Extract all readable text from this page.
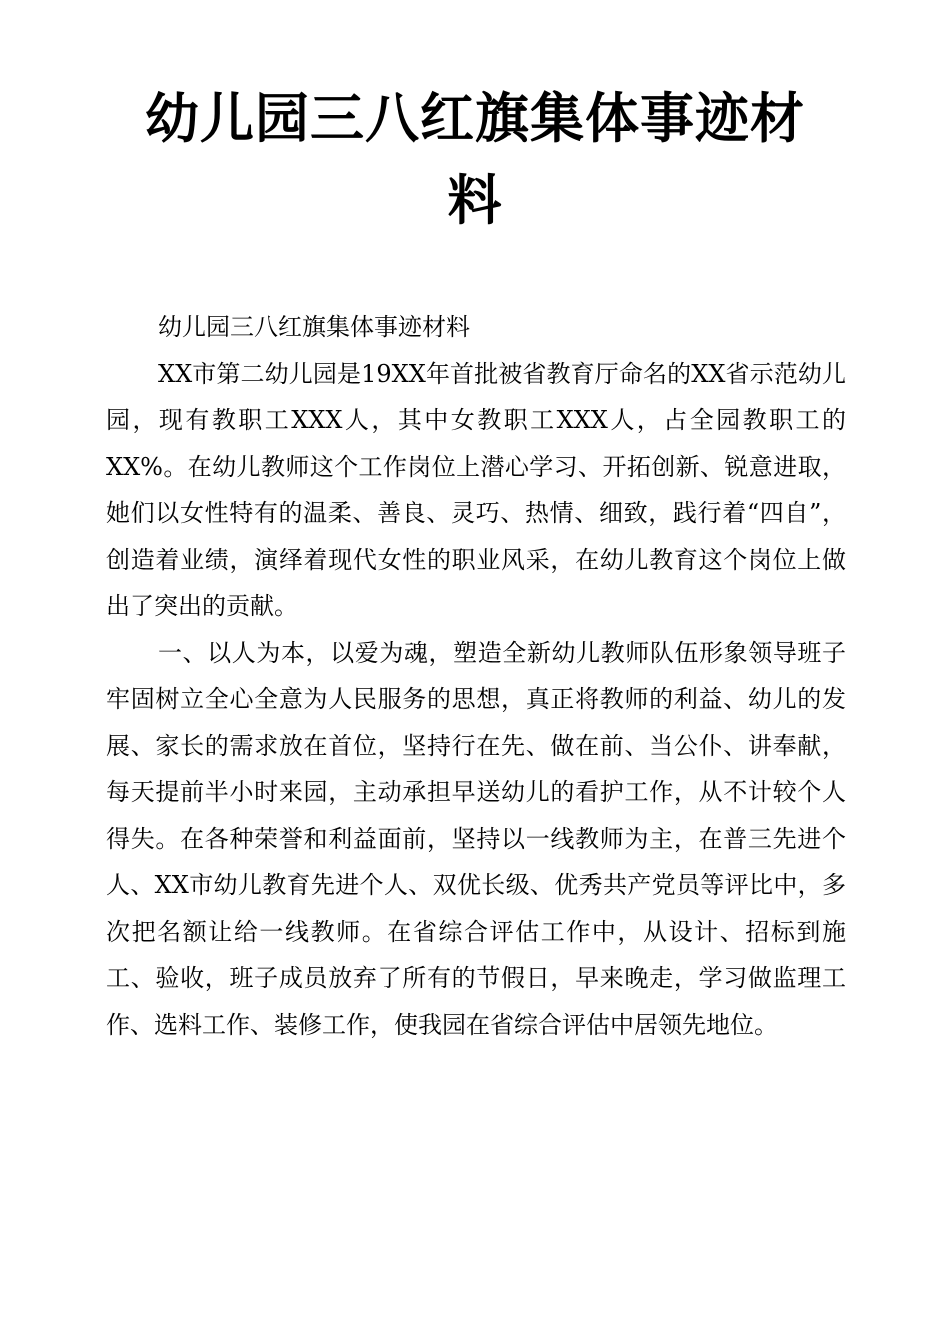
幼儿园三八红旗集体事迹材料

幼儿园三八红旗集体事迹材料

XX市第二幼儿园是19XX年首批被省教育厅命名的XX省示范幼儿园，现有教职工XXX人，其中女教职工XXX人，占全园教职工的XX%。在幼儿教师这个工作岗位上潜心学习、开拓创新、锐意进取，她们以女性特有的温柔、善良、灵巧、热情、细致，践行着“四自”，创造着业绩，演绎着现代女性的职业风采，在幼儿教育这个岗位上做出了突出的贡献。

一、以人为本，以爱为魂，塑造全新幼儿教师队伍形象领导班子牢固树立全心全意为人民服务的思想，真正将教师的利益、幼儿的发展、家长的需求放在首位，坚持行在先、做在前、当公仆、讲奉献，每天提前半小时来园，主动承担早送幼儿的看护工作，从不计较个人得失。在各种荣誉和利益面前，坚持以一线教师为主，在普三先进个人、XX市幼儿教育先进个人、双优长级、优秀共产党员等评比中，多次把名额让给一线教师。在省综合评估工作中，从设计、招标到施工、验收，班子成员放弃了所有的节假日，早来晚走，学习做监理工作、选料工作、装修工作，使我园在省综合评估中居领先地位。
